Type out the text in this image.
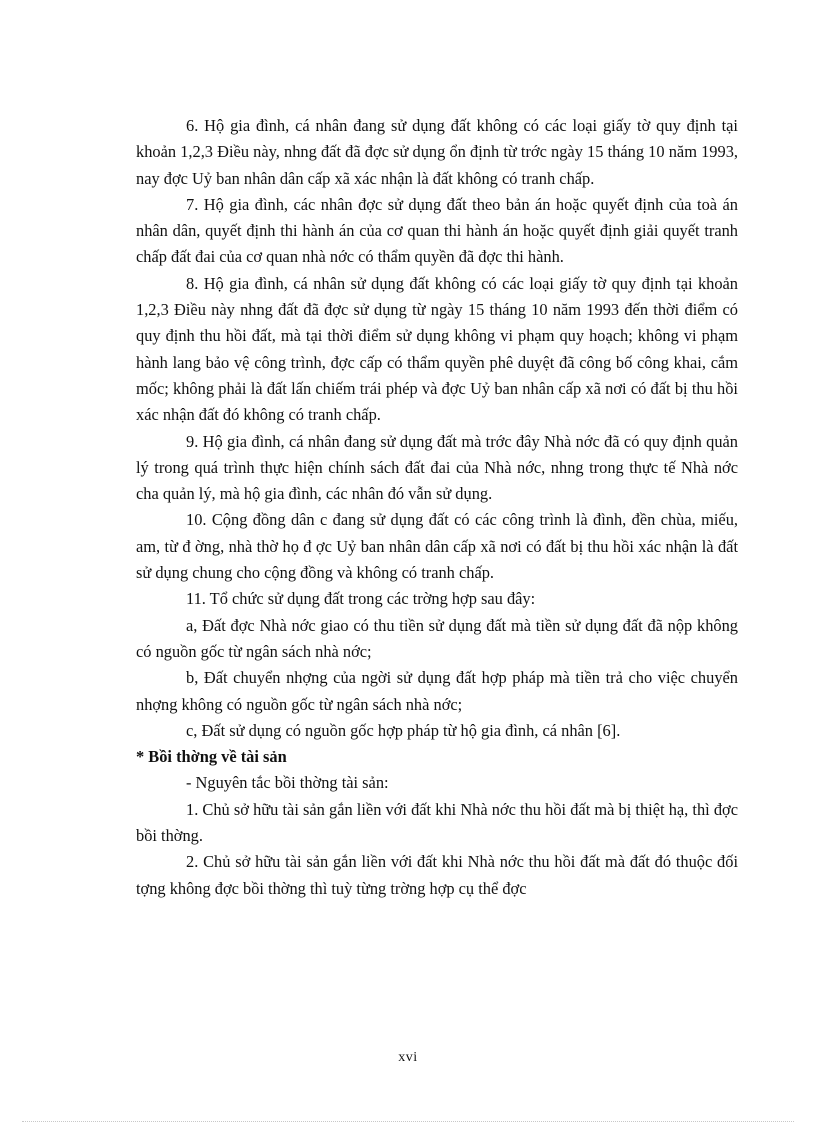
6. Hộ gia đình, cá nhân đang sử dụng đất không có các loại giấy tờ quy định tại khoản 1,2,3 Điều này, nhng đất đã đợc sử dụng ổn định từ trớc ngày 15 tháng 10 năm 1993, nay đợc Uỷ ban nhân dân cấp xã xác nhận là đất không có tranh chấp.

7. Hộ gia đình, các nhân đợc sử dụng đất theo bản án hoặc quyết định của toà án nhân dân, quyết định thi hành án của cơ quan thi hành án hoặc quyết định giải quyết tranh chấp đất đai của cơ quan nhà nớc có thẩm quyền đã đợc thi hành.

8. Hộ gia đình, cá nhân sử dụng đất không có các loại giấy tờ quy định tại khoản 1,2,3 Điều này nhng đất đã đợc sử dụng từ ngày 15 tháng 10 năm 1993 đến thời điểm có quy định thu hồi đất, mà tại thời điểm sử dụng không vi phạm quy hoạch; không vi phạm hành lang bảo vệ công trình, đợc cấp có thẩm quyền phê duyệt đã công bố công khai, cắm mốc; không phải là đất lấn chiếm trái phép và đợc Uỷ ban nhân cấp xã nơi có đất bị thu hồi xác nhận đất đó không có tranh chấp.

9. Hộ gia đình, cá nhân đang sử dụng đất mà trớc đây Nhà nớc đã có quy định quản lý trong quá trình thực hiện chính sách đất đai của Nhà nớc, nhng trong thực tế Nhà nớc cha quản lý, mà hộ gia đình, các nhân đó vẫn sử dụng.

10. Cộng đồng dân c đang sử dụng đất có các công trình là đình, đền chùa, miếu, am, từ đ ờng, nhà thờ họ đ ợc Uỷ ban nhân dân cấp xã nơi có đất bị thu hồi xác nhận là đất sử dụng chung cho cộng đồng và không có tranh chấp.

11. Tổ chức sử dụng đất trong các trờng hợp sau đây:

a, Đất đợc Nhà nớc giao có thu tiền sử dụng đất mà tiền sử dụng đất đã nộp không có nguồn gốc từ ngân sách nhà nớc;

b, Đất chuyển nhợng của ngời sử dụng đất hợp pháp mà tiền trả cho việc chuyển nhợng không có nguồn gốc từ ngân sách nhà nớc;

c, Đất sử dụng có nguồn gốc hợp pháp từ hộ gia đình, cá nhân [6].

* Bồi thờng về tài sản

- Nguyên tắc bồi thờng tài sản:

1. Chủ sở hữu tài sản gắn liền với đất khi Nhà nớc thu hồi đất mà bị thiệt hạ, thì đợc bồi thờng.

2. Chủ sở hữu tài sản gắn liền với đất khi Nhà nớc thu hồi đất mà đất đó thuộc đối tợng không đợc bồi thờng thì tuỳ từng trờng hợp cụ thể đợc

xvi
